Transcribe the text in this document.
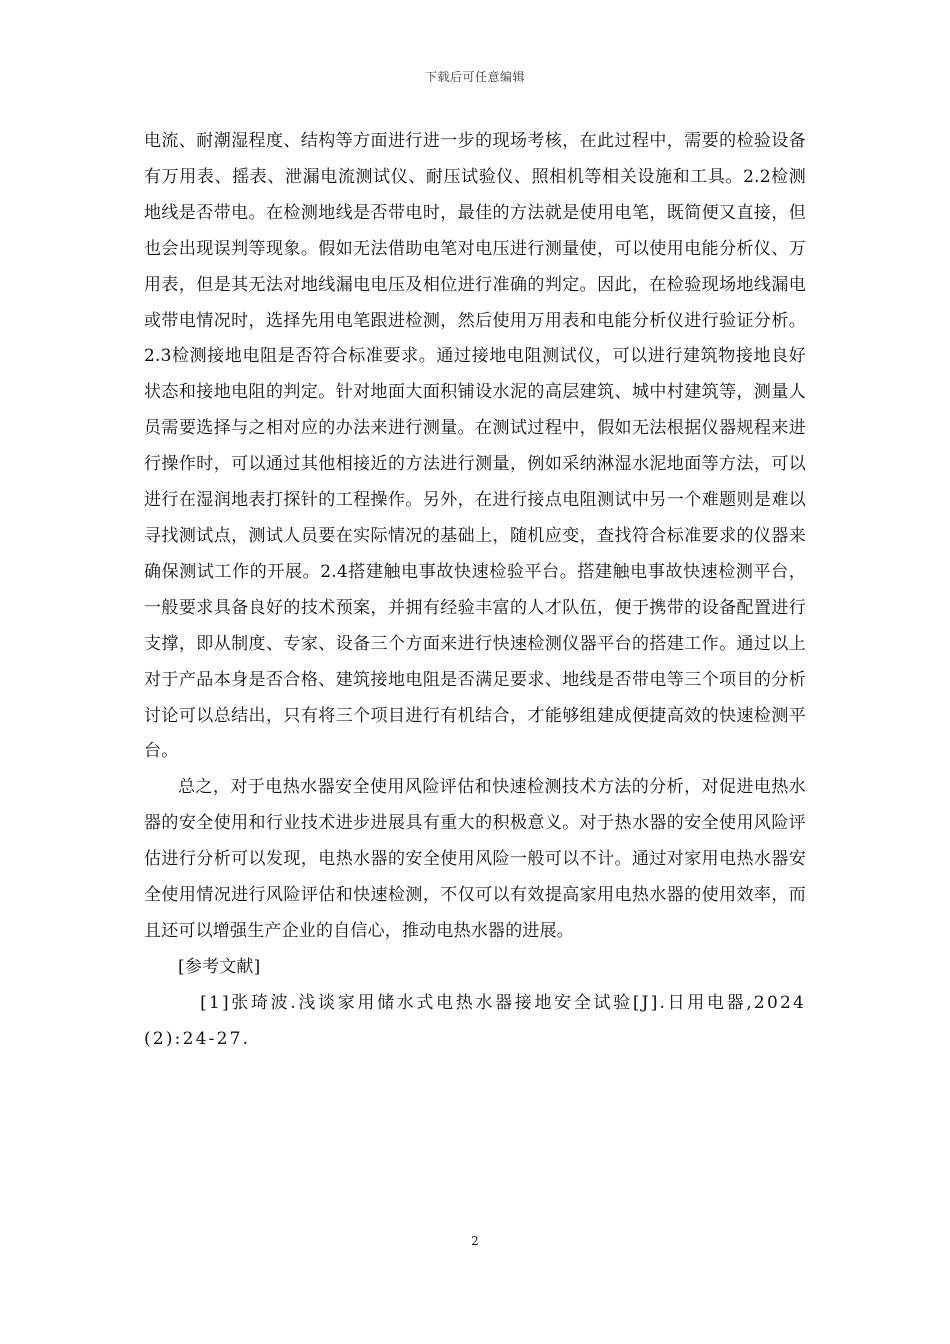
下载后可任意编辑

电流、耐潮湿程度、结构等方面进行进一步的现场考核，在此过程中，需要的检验设备有万用表、摇表、泄漏电流测试仪、耐压试验仪、照相机等相关设施和工具。2.2检测地线是否带电。在检测地线是否带电时，最佳的方法就是使用电笔，既简便又直接，但也会出现误判等现象。假如无法借助电笔对电压进行测量使，可以使用电能分析仪、万用表，但是其无法对地线漏电电压及相位进行准确的判定。因此，在检验现场地线漏电或带电情况时，选择先用电笔跟进检测，然后使用万用表和电能分析仪进行验证分析。2.3检测接地电阻是否符合标准要求。通过接地电阻测试仪，可以进行建筑物接地良好状态和接地电阻的判定。针对地面大面积铺设水泥的高层建筑、城中村建筑等，测量人员需要选择与之相对应的办法来进行测量。在测试过程中，假如无法根据仪器规程来进行操作时，可以通过其他相接近的方法进行测量，例如采纳淋湿水泥地面等方法，可以进行在湿润地表打探针的工程操作。另外，在进行接点电阻测试中另一个难题则是难以寻找测试点，测试人员要在实际情况的基础上，随机应变，查找符合标准要求的仪器来确保测试工作的开展。2.4搭建触电事故快速检验平台。搭建触电事故快速检测平台，一般要求具备良好的技术预案，并拥有经验丰富的人才队伍，便于携带的设备配置进行支撑，即从制度、专家、设备三个方面来进行快速检测仪器平台的搭建工作。通过以上对于产品本身是否合格、建筑接地电阻是否满足要求、地线是否带电等三个项目的分析讨论可以总结出，只有将三个项目进行有机结合，才能够组建成便捷高效的快速检测平台。

总之，对于电热水器安全使用风险评估和快速检测技术方法的分析，对促进电热水器的安全使用和行业技术进步进展具有重大的积极意义。对于热水器的安全使用风险评估进行分析可以发现，电热水器的安全使用风险一般可以不计。通过对家用电热水器安全使用情况进行风险评估和快速检测，不仅可以有效提高家用电热水器的使用效率，而且还可以增强生产企业的自信心，推动电热水器的进展。

[参考文献]

[1]张琦波.浅谈家用储水式电热水器接地安全试验[J].日用电器,2024(2):24-27.

2
